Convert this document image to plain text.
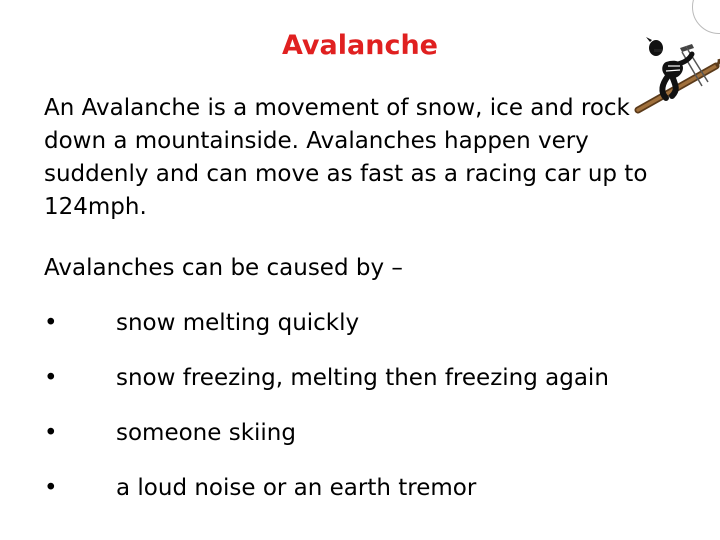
Avalanche

An Avalanche is a movement of snow, ice and rock
down a mountainside. Avalanches happen very
suddenly and can move as fast as a racing car up to
124mph.

Avalanches can be caused by –

•	snow melting quickly
•	snow freezing, melting then freezing again
•	someone skiing
•	a loud noise or an earth tremor
